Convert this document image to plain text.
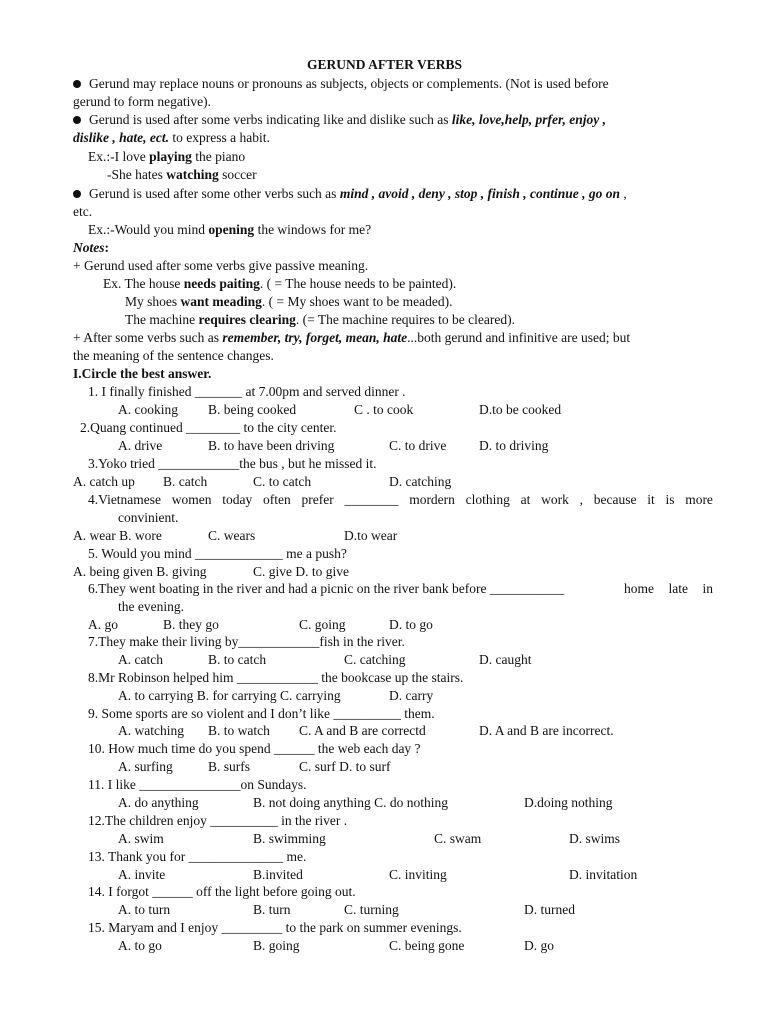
GERUND AFTER VERBS
Gerund may replace nouns or pronouns as subjects, objects or complements. (Not is used before
gerund to form negative).
Gerund is used after some verbs indicating like and dislike such as like, love,help, prfer, enjoy ,
dislike , hate, ect. to express a habit.
Ex.:-I love playing the piano
-She hates watching soccer
Gerund is used after some other verbs such as mind , avoid , deny , stop , finish , continue , go on ,
etc.
Ex.:-Would you mind opening the windows for me?
Notes:
+ Gerund used after some verbs give passive meaning.
Ex. The house needs paiting. ( = The house needs to be painted).
My shoes want meading. ( = My shoes want to be meaded).
The machine requires clearing. (= The machine requires to be cleared).
+ After some verbs such as remember, try, forget, mean, hate...both gerund and infinitive are used; but
the meaning of the sentence changes.
I.Circle the best answer.
1. I finally finished _______ at 7.00pm and served dinner .
A. cooking B. being cooked	C . to cook	D.to be cooked
2.Quang continued ________ to the city center.
A. drive	B. to have been driving	C. to drive D. to driving
3.Yoko tried ____________the bus , but he missed it.
A. catch up B. catch	C. to catch	D. catching
4.Vietnamese women today often prefer ________ mordern clothing at work , because it is more
convinient.
A. wear B. wore	C. wears	D.to wear
5. Would you mind _____________ me a push?
A. being given B. giving	C. give D. to give
6.They went boating in the river and had a picnic on the river bank before ___________	home late in
the evening.
A. go	B. they go	C. going	D. to go
7.They make their living by____________fish in the river.
A. catch	B. to catch	C. catching	D. caught
8.Mr Robinson helped him ____________ the bookcase up the stairs.
A. to carrying B. for carrying C. carrying	D. carry
9. Some sports are so violent and I don’t like __________ them.
A. watching B. to watch C. A and B are correctd	D. A and B are incorrect.
10. How much time do you spend ______ the web each day ?
A. surfing	B. surfs	C. surf D. to surf
11. I like _______________on Sundays.
A. do anything	B. not doing anything C. do nothing	D.doing nothing
12.The children enjoy __________ in the river .
A. swim	B. swimming	C. swam	D. swims
13. Thank you for ______________ me.
A. invite	B.invited	C. inviting	D. invitation
14. I forgot ______ off the light before going out.
A. to turn	B. turn	C. turning	D. turned
15. Maryam and I enjoy _________ to the park on summer evenings.
A. to go	B. going	C. being gone	D. go
